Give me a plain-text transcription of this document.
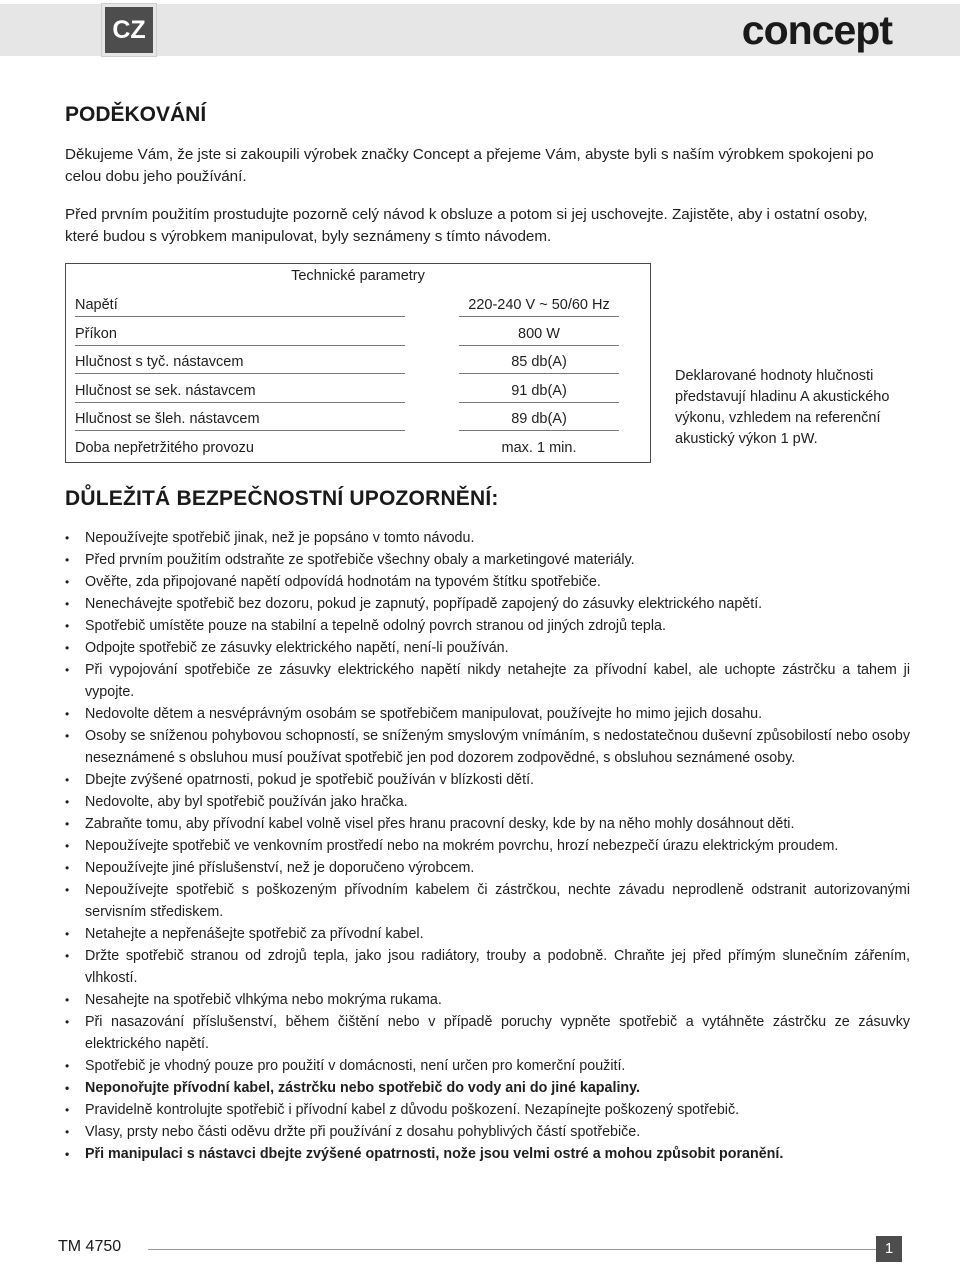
CZ	concept
PODĚKOVÁNÍ

Děkujeme Vám, že jste si zakoupili výrobek značky Concept a přejeme Vám, abyste byli s naším výrobkem spokojeni po celou dobu jeho používání.

Před prvním použitím prostudujte pozorně celý návod k obsluze a potom si jej uschovejte. Zajistěte, aby i ostatní osoby, které budou s výrobkem manipulovat, byly seznámeny s tímto návodem.

Technické parametry
Napětí	220-240 V ~ 50/60 Hz
Příkon	800 W
Hlučnost s tyč. nástavcem	85 db(A)
Hlučnost se sek. nástavcem	91 db(A)
Hlučnost se šleh. nástavcem	89 db(A)
Doba nepřetržitého provozu	max. 1 min.
Deklarované hodnoty hlučnosti představují hladinu A akustického výkonu, vzhledem na referenční akustický výkon 1 pW.
DŮLEŽITÁ BEZPEČNOSTNÍ UPOZORNĚNÍ:
• Nepoužívejte spotřebič jinak, než je popsáno v tomto návodu.
• Před prvním použitím odstraňte ze spotřebiče všechny obaly a marketingové materiály.
• Ověřte, zda připojované napětí odpovídá hodnotám na typovém štítku spotřebiče.
• Nenechávejte spotřebič bez dozoru, pokud je zapnutý, popřípadě zapojený do zásuvky elektrického napětí.
• Spotřebič umístěte pouze na stabilní a tepelně odolný povrch stranou od jiných zdrojů tepla.
• Odpojte spotřebič ze zásuvky elektrického napětí, není-li používán.
• Při vypojování spotřebiče ze zásuvky elektrického napětí nikdy netahejte za přívodní kabel, ale uchopte zástrčku a tahem ji vypojte.
• Nedovolte dětem a nesvéprávným osobám se spotřebičem manipulovat, používejte ho mimo jejich dosahu.
• Osoby se sníženou pohybovou schopností, se sníženým smyslovým vnímáním, s nedostatečnou duševní způsobilostí nebo osoby neseznámené s obsluhou musí používat spotřebič jen pod dozorem zodpovědné, s obsluhou seznámené osoby.
• Dbejte zvýšené opatrnosti, pokud je spotřebič používán v blízkosti dětí.
• Nedovolte, aby byl spotřebič používán jako hračka.
• Zabraňte tomu, aby přívodní kabel volně visel přes hranu pracovní desky, kde by na něho mohly dosáhnout děti.
• Nepoužívejte spotřebič ve venkovním prostředí nebo na mokrém povrchu, hrozí nebezpečí úrazu elektrickým proudem.
• Nepoužívejte jiné příslušenství, než je doporučeno výrobcem.
• Nepoužívejte spotřebič s poškozeným přívodním kabelem či zástrčkou, nechte závadu neprodleně odstranit autorizovanými servisním střediskem.
• Netahejte a nepřenášejte spotřebič za přívodní kabel.
• Držte spotřebič stranou od zdrojů tepla, jako jsou radiátory, trouby a podobně. Chraňte jej před přímým slunečním zářením, vlhkostí.
• Nesahejte na spotřebič vlhkýma nebo mokrýma rukama.
• Při nasazování příslušenství, během čištění nebo v případě poruchy vypněte spotřebič a vytáhněte zástrčku ze zásuvky elektrického napětí.
• Spotřebič je vhodný pouze pro použití v domácnosti, není určen pro komerční použití.
• Neponořujte přívodní kabel, zástrčku nebo spotřebič do vody ani do jiné kapaliny.
• Pravidelně kontrolujte spotřebič i přívodní kabel z důvodu poškození. Nezapínejte poškozený spotřebič.
• Vlasy, prsty nebo části oděvu držte při používání z dosahu pohyblivých částí spotřebiče.
• Při manipulaci s nástavci dbejte zvýšené opatrnosti, nože jsou velmi ostré a mohou způsobit poranění.
TM 4750	1
